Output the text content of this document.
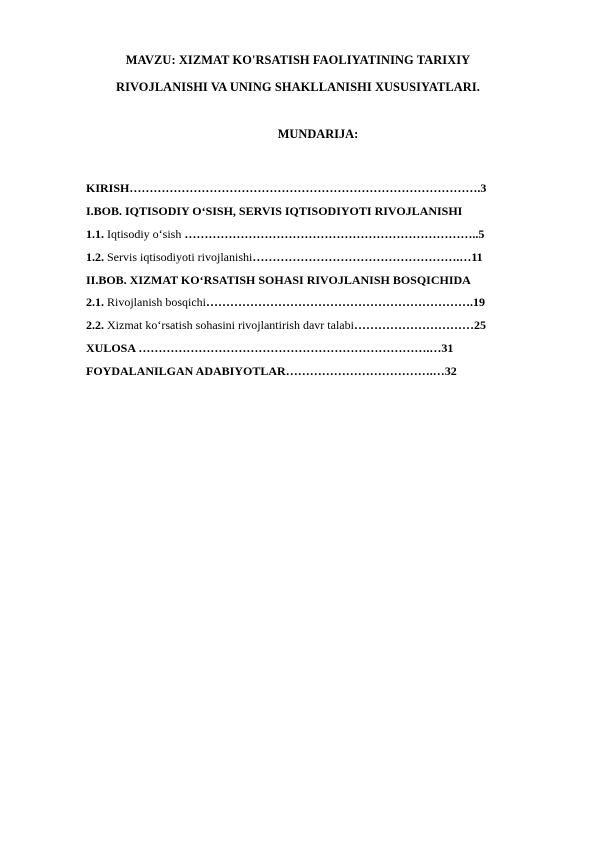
MAVZU: XIZMAT KO'RSATISH FAOLIYATINING TARIXIY
RIVOJLANISHI VA UNING SHAKLLANISHI XUSUSIYATLARI.
MUNDARIJA:
KIRISH…………………………………………………………………………….3
I.BOB. IQTISODIY O‘SISH, SERVIS IQTISODIYOTI RIVOJLANISHI
1.1. Iqtisodiy o‘sish ………………………………………………………………..5
1.2. Servis iqtisodiyoti rivojlanishi…………………………………………….…11
II.BOB. XIZMAT KO‘RSATISH SOHASI RIVOJLANISH BOSQICHIDA
2.1. Rivojlanish bosqichi………………………………………………………….19
2.2. Xizmat ko‘rsatish sohasini rivojlantirish davr talabi…………………………25
XULOSA ……………………………………………………………….…31
FOYDALANILGAN ADABIYOTLAR……………………………….…32
